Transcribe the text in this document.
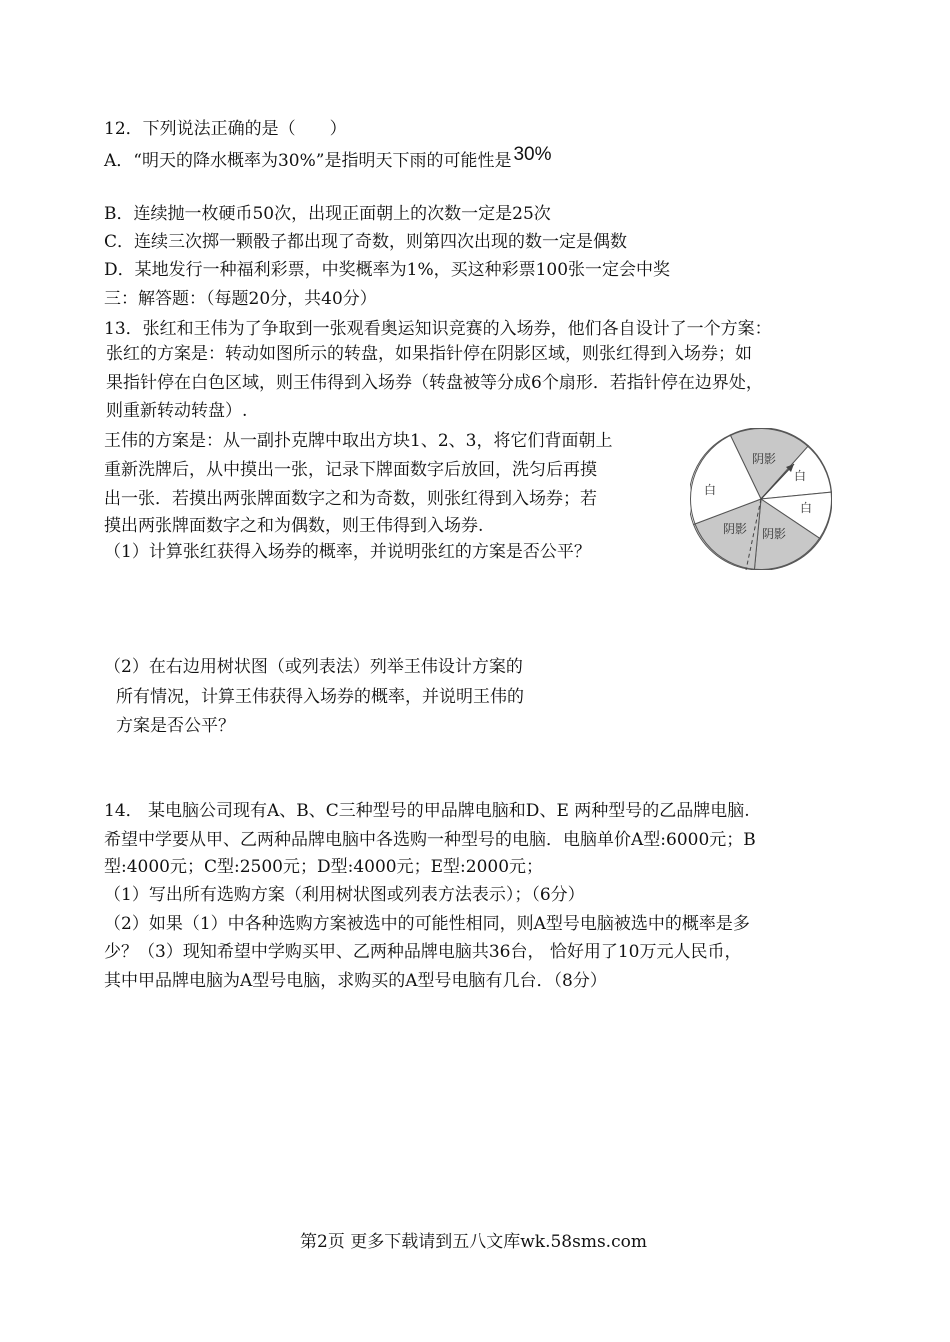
12．下列说法正确的是（　　）
A．“明天的降水概率为30%”是指明天下雨的可能性是 30%
B．连续抛一枚硬币50次，出现正面朝上的次数一定是25次
C．连续三次掷一颗骰子都出现了奇数，则第四次出现的数一定是偶数
D．某地发行一种福利彩票，中奖概率为1%，买这种彩票100张一定会中奖
三：解答题：（每题20分，共40分）
13．张红和王伟为了争取到一张观看奥运知识竞赛的入场券，他们各自设计了一个方案：
张红的方案是：转动如图所示的转盘，如果指针停在阴影区域，则张红得到入场券；如
果指针停在白色区域，则王伟得到入场券（转盘被等分成6个扇形．若指针停在边界处，
则重新转动转盘）.
王伟的方案是：从一副扑克牌中取出方块1、2、3，将它们背面朝上
重新洗牌后，从中摸出一张，记录下牌面数字后放回，洗匀后再摸
出一张．若摸出两张牌面数字之和为奇数，则张红得到入场券；若
摸出两张牌面数字之和为偶数，则王伟得到入场券.
（1）计算张红获得入场券的概率，并说明张红的方案是否公平？
阴影
白
白
阴影
阴影
白
（2）在右边用树状图（或列表法）列举王伟设计方案的
所有情况，计算王伟获得入场券的概率，并说明王伟的
方案是否公平？
14． 某电脑公司现有A、B、C三种型号的甲品牌电脑和D、E 两种型号的乙品牌电脑.
希望中学要从甲、乙两种品牌电脑中各选购一种型号的电脑．电脑单价A型:6000元；B
型:4000元；C型:2500元；D型:4000元；E型:2000元；
（1）写出所有选购方案（利用树状图或列表方法表示）；（6分）
（2）如果（1）中各种选购方案被选中的可能性相同，则A型号电脑被选中的概率是多
少？（3）现知希望中学购买甲、乙两种品牌电脑共36台， 恰好用了10万元人民币，
其中甲品牌电脑为A型号电脑，求购买的A型号电脑有几台．（8分）
第2页 更多下载请到五八文库wk.58sms.com
